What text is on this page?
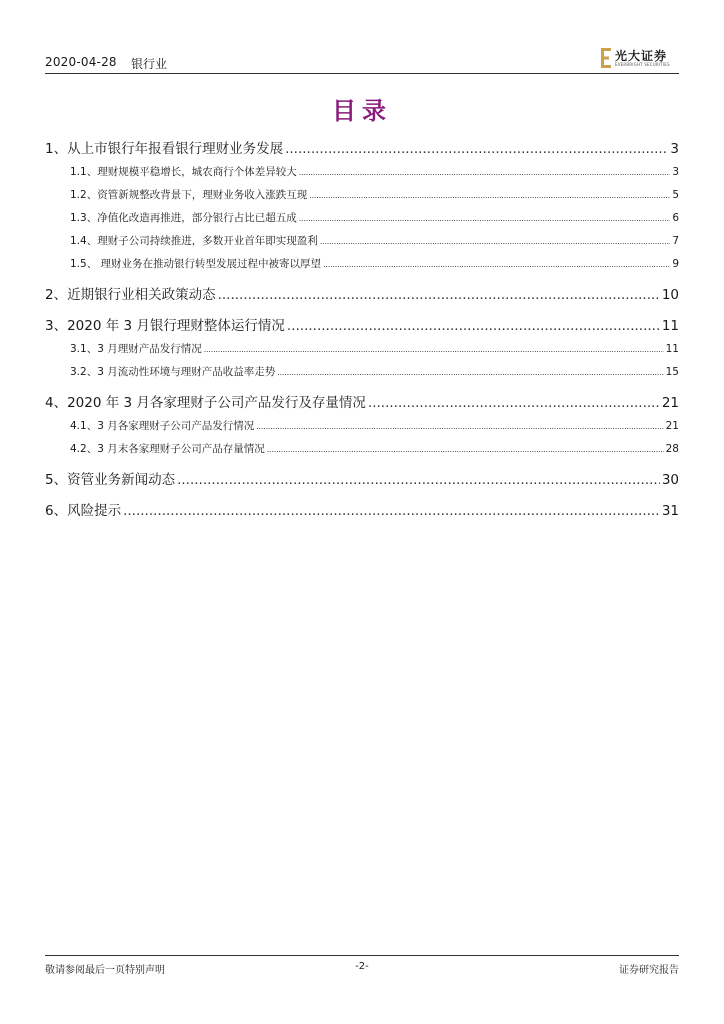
2020-04-28 银行业
光大证券
EVERBRIGHT SECURITIES
目录
1、从上市银行年报看银行理财业务发展 .....	3
1.1、理财规模平稳增长，城农商行个体差异较大 .....	3
1.2、资管新规整改背景下，理财业务收入涨跌互现 .....	5
1.3、净值化改造再推进，部分银行占比已超五成 .....	6
1.4、理财子公司持续推进，多数开业首年即实现盈利 .....	7
1.5、 理财业务在推动银行转型发展过程中被寄以厚望 .....	9
2、近期银行业相关政策动态 .....	10
3、2020 年 3 月银行理财整体运行情况 .....	11
3.1、3 月理财产品发行情况 .....	11
3.2、3 月流动性环境与理财产品收益率走势 .....	15
4、2020 年 3 月各家理财子公司产品发行及存量情况 .....	21
4.1、3 月各家理财子公司产品发行情况 .....	21
4.2、3 月末各家理财子公司产品存量情况 .....	28
5、资管业务新闻动态 .....	30
6、风险提示 .....	31
敬请参阅最后一页特别声明	-2-	证券研究报告
